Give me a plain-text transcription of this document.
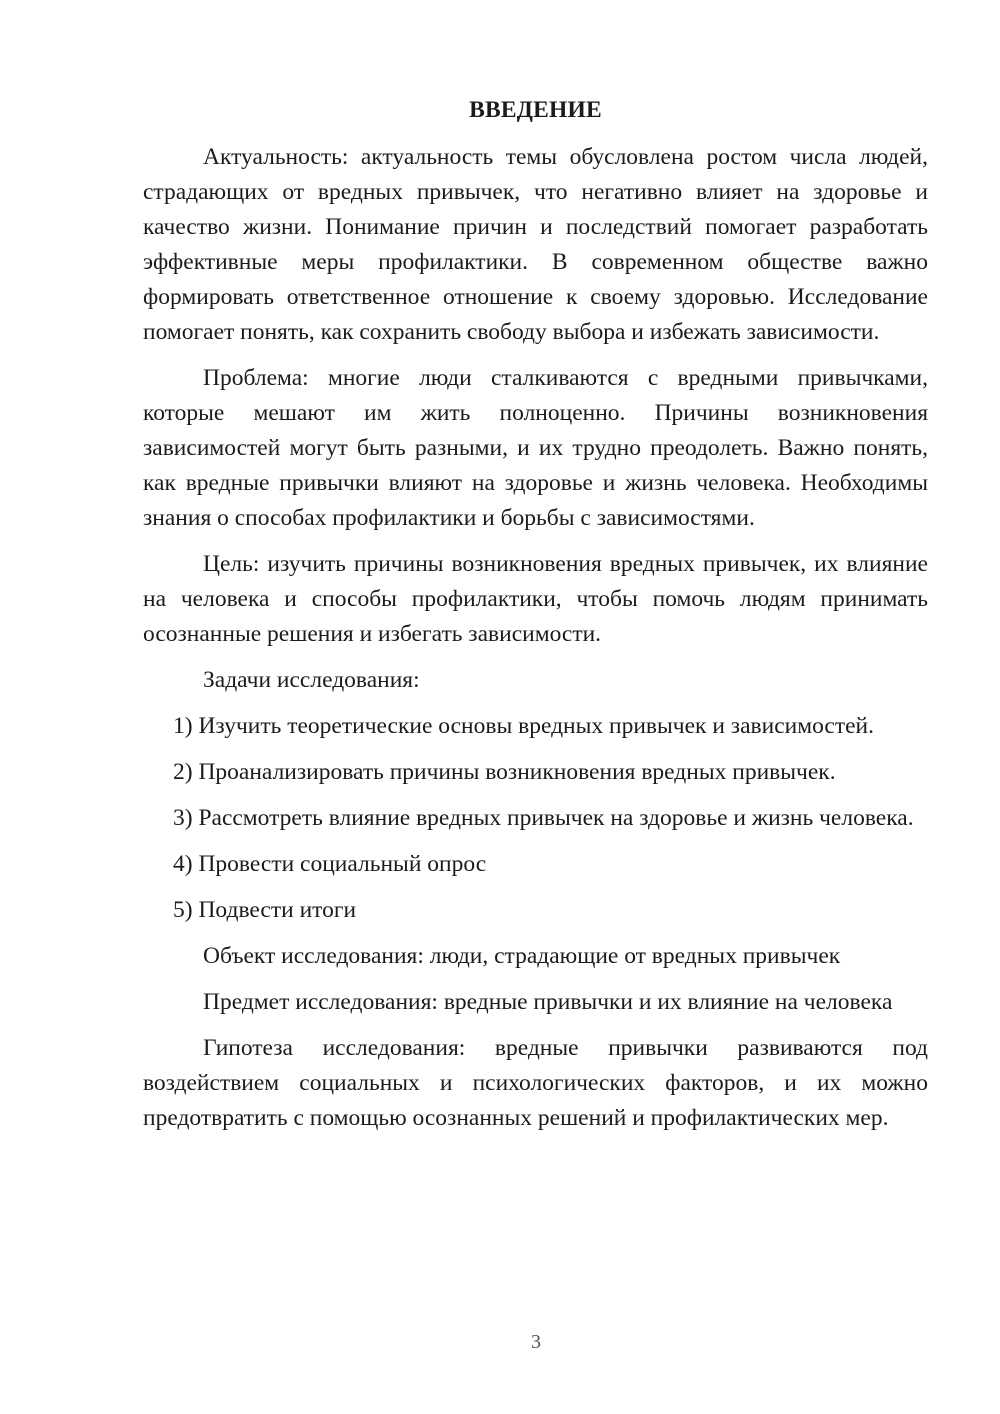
ВВЕДЕНИЕ

Актуальность: актуальность темы обусловлена ростом числа людей, страдающих от вредных привычек, что негативно влияет на здоровье и качество жизни. Понимание причин и последствий помогает разработать эффективные меры профилактики. В современном обществе важно формировать ответственное отношение к своему здоровью. Исследование помогает понять, как сохранить свободу выбора и избежать зависимости.

Проблема: многие люди сталкиваются с вредными привычками, которые мешают им жить полноценно. Причины возникновения зависимостей могут быть разными, и их трудно преодолеть. Важно понять, как вредные привычки влияют на здоровье и жизнь человека. Необходимы знания о способах профилактики и борьбы с зависимостями.

Цель: изучить причины возникновения вредных привычек, их влияние на человека и способы профилактики, чтобы помочь людям принимать осознанные решения и избегать зависимости.

Задачи исследования:

1) Изучить теоретические основы вредных привычек и зависимостей.

2) Проанализировать причины возникновения вредных привычек.

3) Рассмотреть влияние вредных привычек на здоровье и жизнь человека.

4) Провести социальный опрос

5) Подвести итоги

Объект исследования: люди, страдающие от вредных привычек

Предмет исследования: вредные привычки и их влияние на человека

Гипотеза исследования: вредные привычки развиваются под воздействием социальных и психологических факторов, и их можно предотвратить с помощью осознанных решений и профилактических мер.

3
